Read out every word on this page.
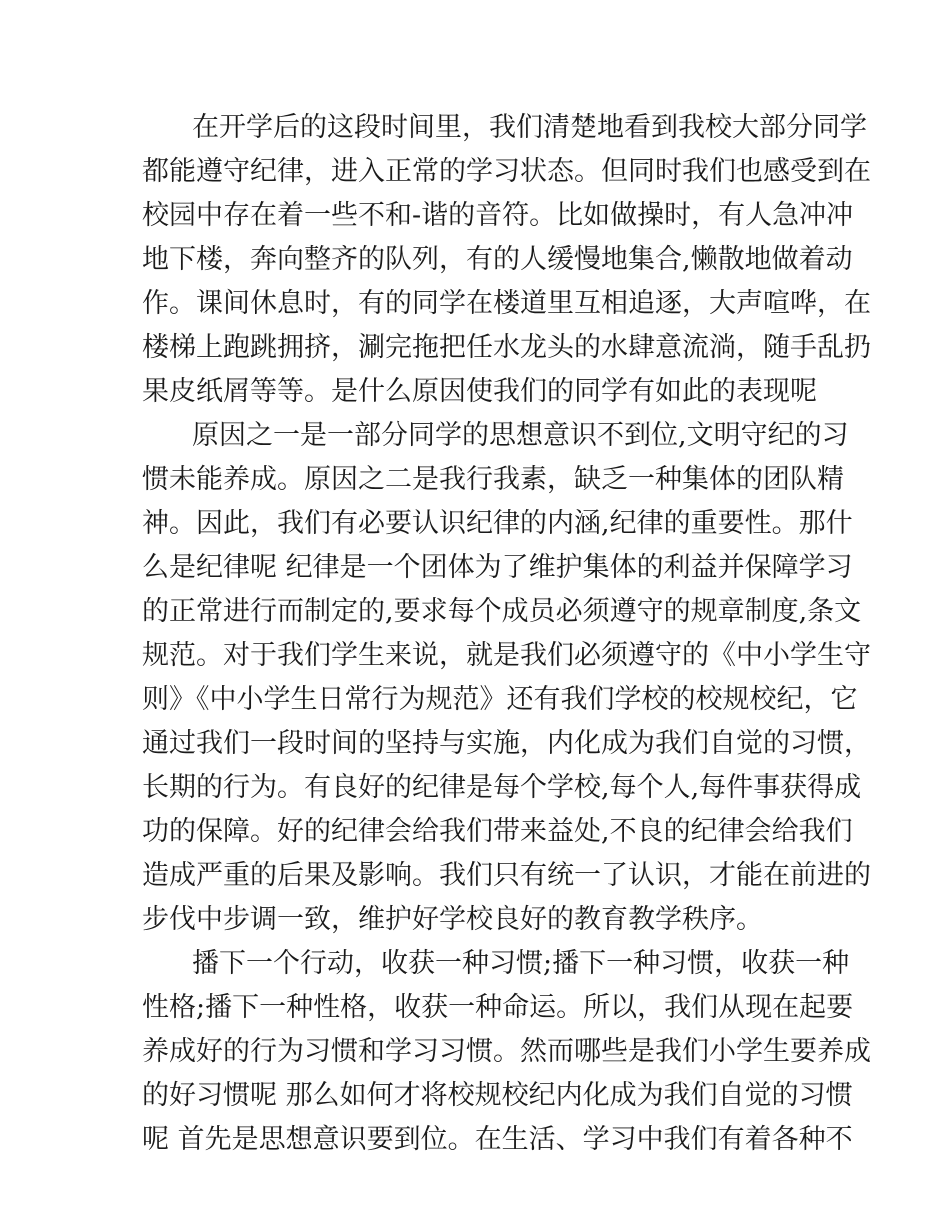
在开学后的这段时间里，我们清楚地看到我校大部分同学
都能遵守纪律，进入正常的学习状态。但同时我们也感受到在
校园中存在着一些不和-谐的音符。比如做操时，有人急冲冲
地下楼，奔向整齐的队列，有的人缓慢地集合,懒散地做着动
作。课间休息时，有的同学在楼道里互相追逐，大声喧哗，在
楼梯上跑跳拥挤，涮完拖把任水龙头的水肆意流淌，随手乱扔
果皮纸屑等等。是什么原因使我们的同学有如此的表现呢
原因之一是一部分同学的思想意识不到位,文明守纪的习
惯未能养成。原因之二是我行我素，缺乏一种集体的团队精
神。因此，我们有必要认识纪律的内涵,纪律的重要性。那什
么是纪律呢 纪律是一个团体为了维护集体的利益并保障学习
的正常进行而制定的,要求每个成员必须遵守的规章制度,条文
规范。对于我们学生来说，就是我们必须遵守的《中小学生守
则》《中小学生日常行为规范》还有我们学校的校规校纪，它
通过我们一段时间的坚持与实施，内化成为我们自觉的习惯，
长期的行为。有良好的纪律是每个学校,每个人,每件事获得成
功的保障。好的纪律会给我们带来益处,不良的纪律会给我们
造成严重的后果及影响。我们只有统一了认识，才能在前进的
步伐中步调一致，维护好学校良好的教育教学秩序。
播下一个行动，收获一种习惯;播下一种习惯，收获一种
性格;播下一种性格，收获一种命运。所以，我们从现在起要
养成好的行为习惯和学习习惯。然而哪些是我们小学生要养成
的好习惯呢 那么如何才将校规校纪内化成为我们自觉的习惯
呢 首先是思想意识要到位。在生活、学习中我们有着各种不
